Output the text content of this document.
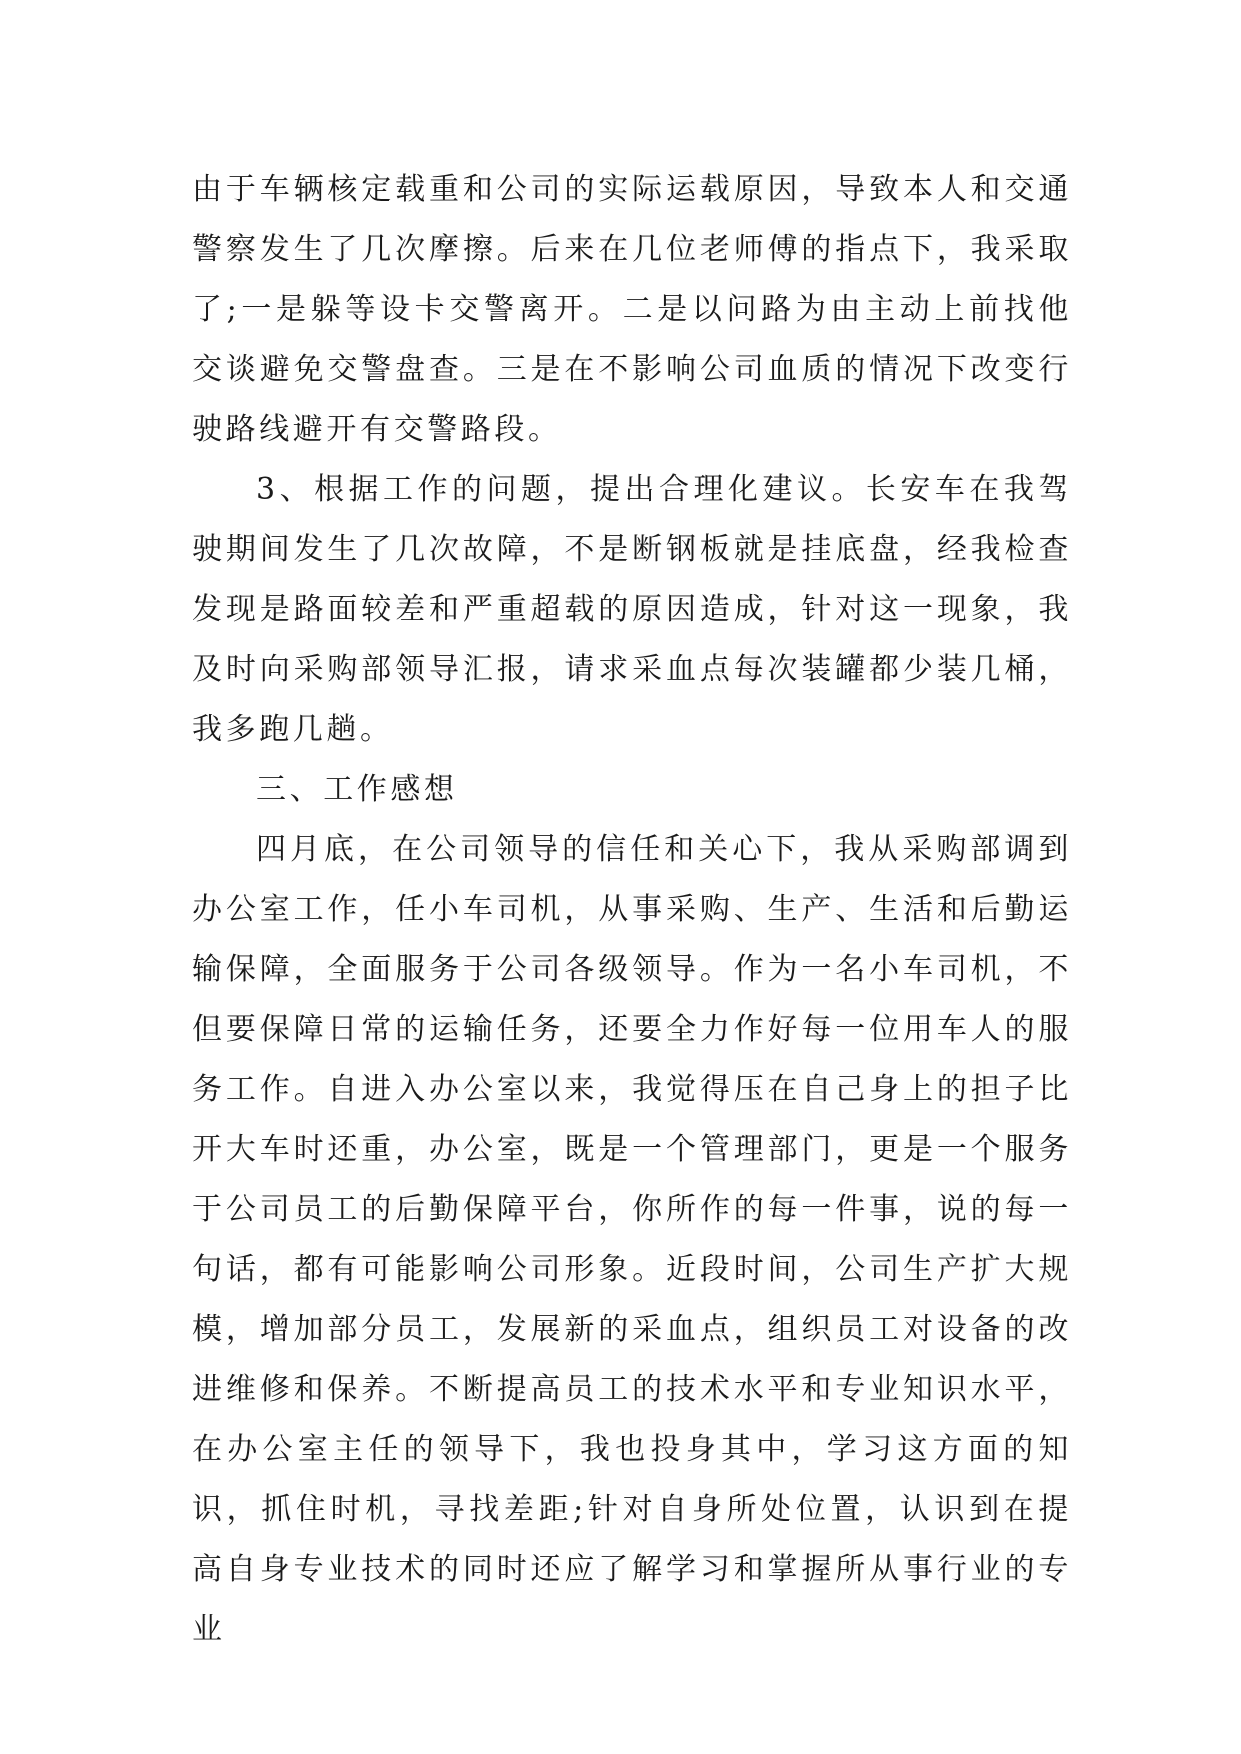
由于车辆核定载重和公司的实际运载原因，导致本人和交通警察发生了几次摩擦。后来在几位老师傅的指点下，我采取了;一是躲等设卡交警离开。二是以问路为由主动上前找他交谈避免交警盘查。三是在不影响公司血质的情况下改变行驶路线避开有交警路段。

3、根据工作的问题，提出合理化建议。长安车在我驾驶期间发生了几次故障，不是断钢板就是挂底盘，经我检查发现是路面较差和严重超载的原因造成，针对这一现象，我及时向采购部领导汇报，请求采血点每次装罐都少装几桶，我多跑几趟。

三、工作感想

四月底，在公司领导的信任和关心下，我从采购部调到办公室工作，任小车司机，从事采购、生产、生活和后勤运输保障，全面服务于公司各级领导。作为一名小车司机，不但要保障日常的运输任务，还要全力作好每一位用车人的服务工作。自进入办公室以来，我觉得压在自己身上的担子比开大车时还重，办公室，既是一个管理部门，更是一个服务于公司员工的后勤保障平台，你所作的每一件事，说的每一句话，都有可能影响公司形象。近段时间，公司生产扩大规模，增加部分员工，发展新的采血点，组织员工对设备的改进维修和保养。不断提高员工的技术水平和专业知识水平，在办公室主任的领导下，我也投身其中，学习这方面的知识，抓住时机，寻找差距;针对自身所处位置，认识到在提高自身专业技术的同时还应了解学习和掌握所从事行业的专业
